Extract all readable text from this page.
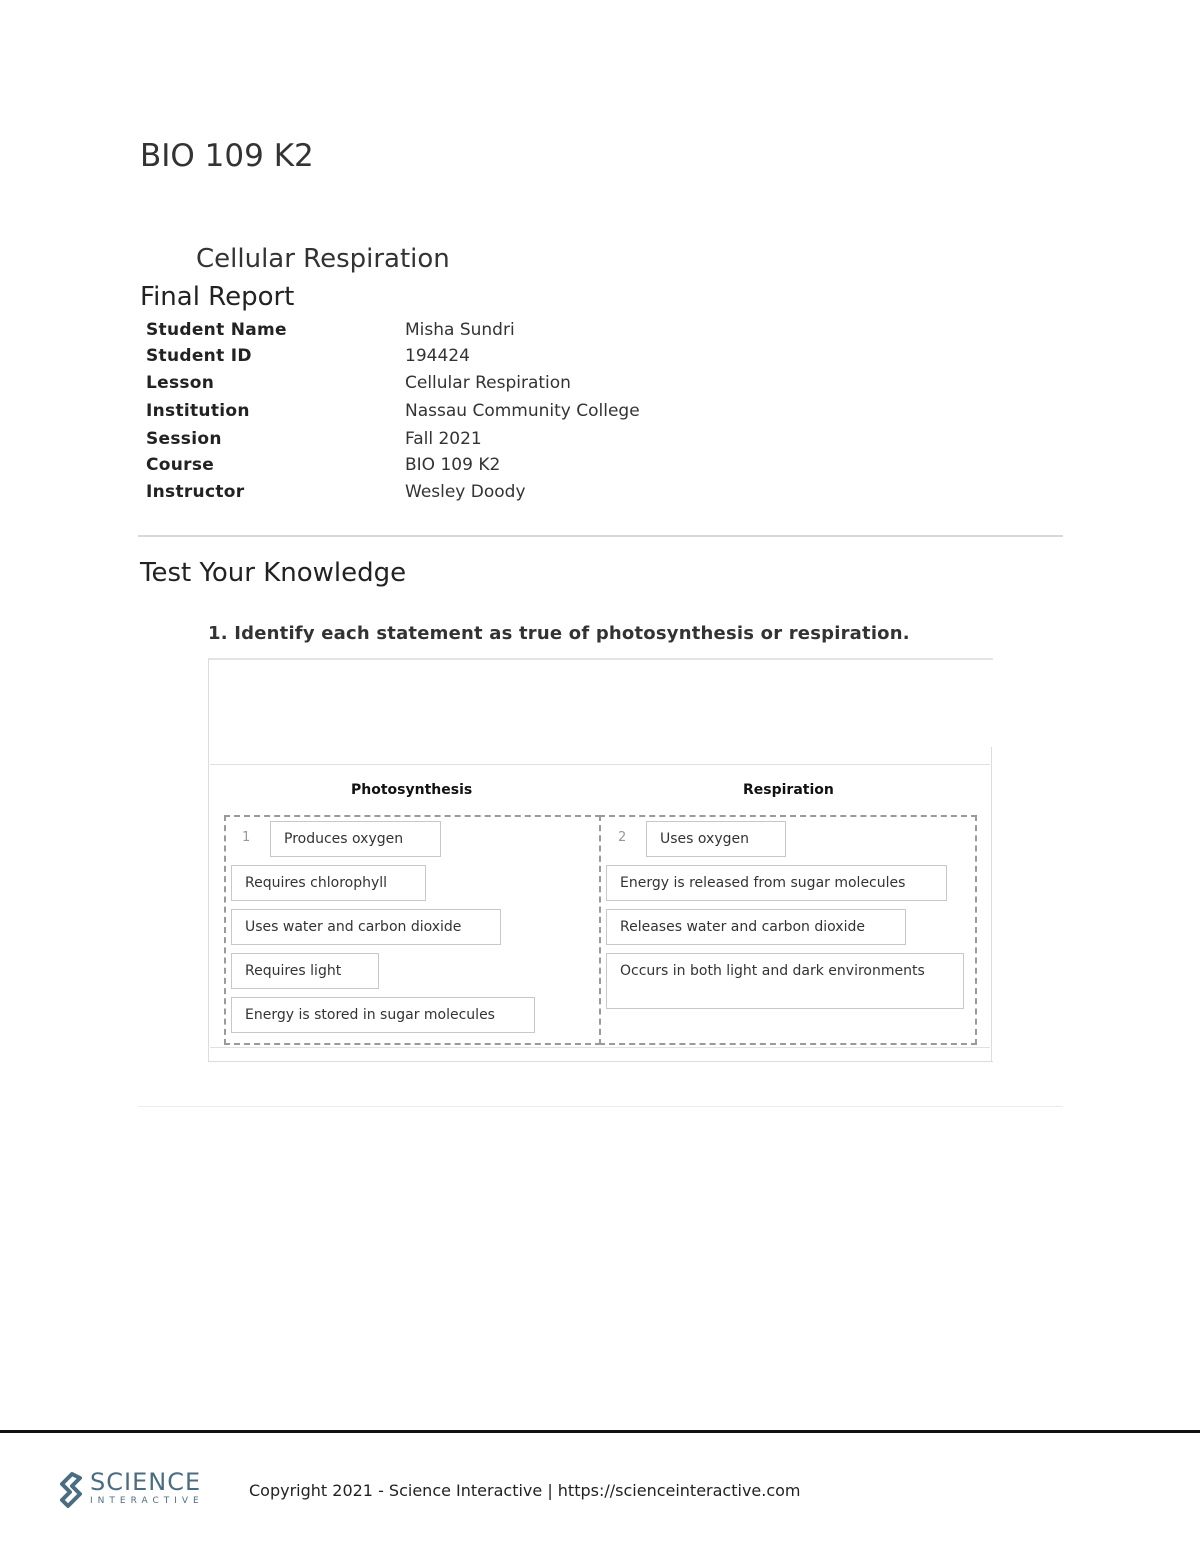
BIO 109 K2
Cellular Respiration
Final Report
Student Name	Misha Sundri
Student ID	194424
Lesson	Cellular Respiration
Institution	Nassau Community College
Session	Fall 2021
Course	BIO 109 K2
Instructor	Wesley Doody
Test Your Knowledge
1. Identify each statement as true of photosynthesis or respiration.
Photosynthesis	Respiration
1	2
Produces oxygen
Requires chlorophyll
Uses water and carbon dioxide
Requires light
Energy is stored in sugar molecules
Uses oxygen
Energy is released from sugar molecules
Releases water and carbon dioxide
Occurs in both light and dark environments
SCIENCE
INTERACTIVE
Copyright 2021 - Science Interactive | https://scienceinteractive.com
